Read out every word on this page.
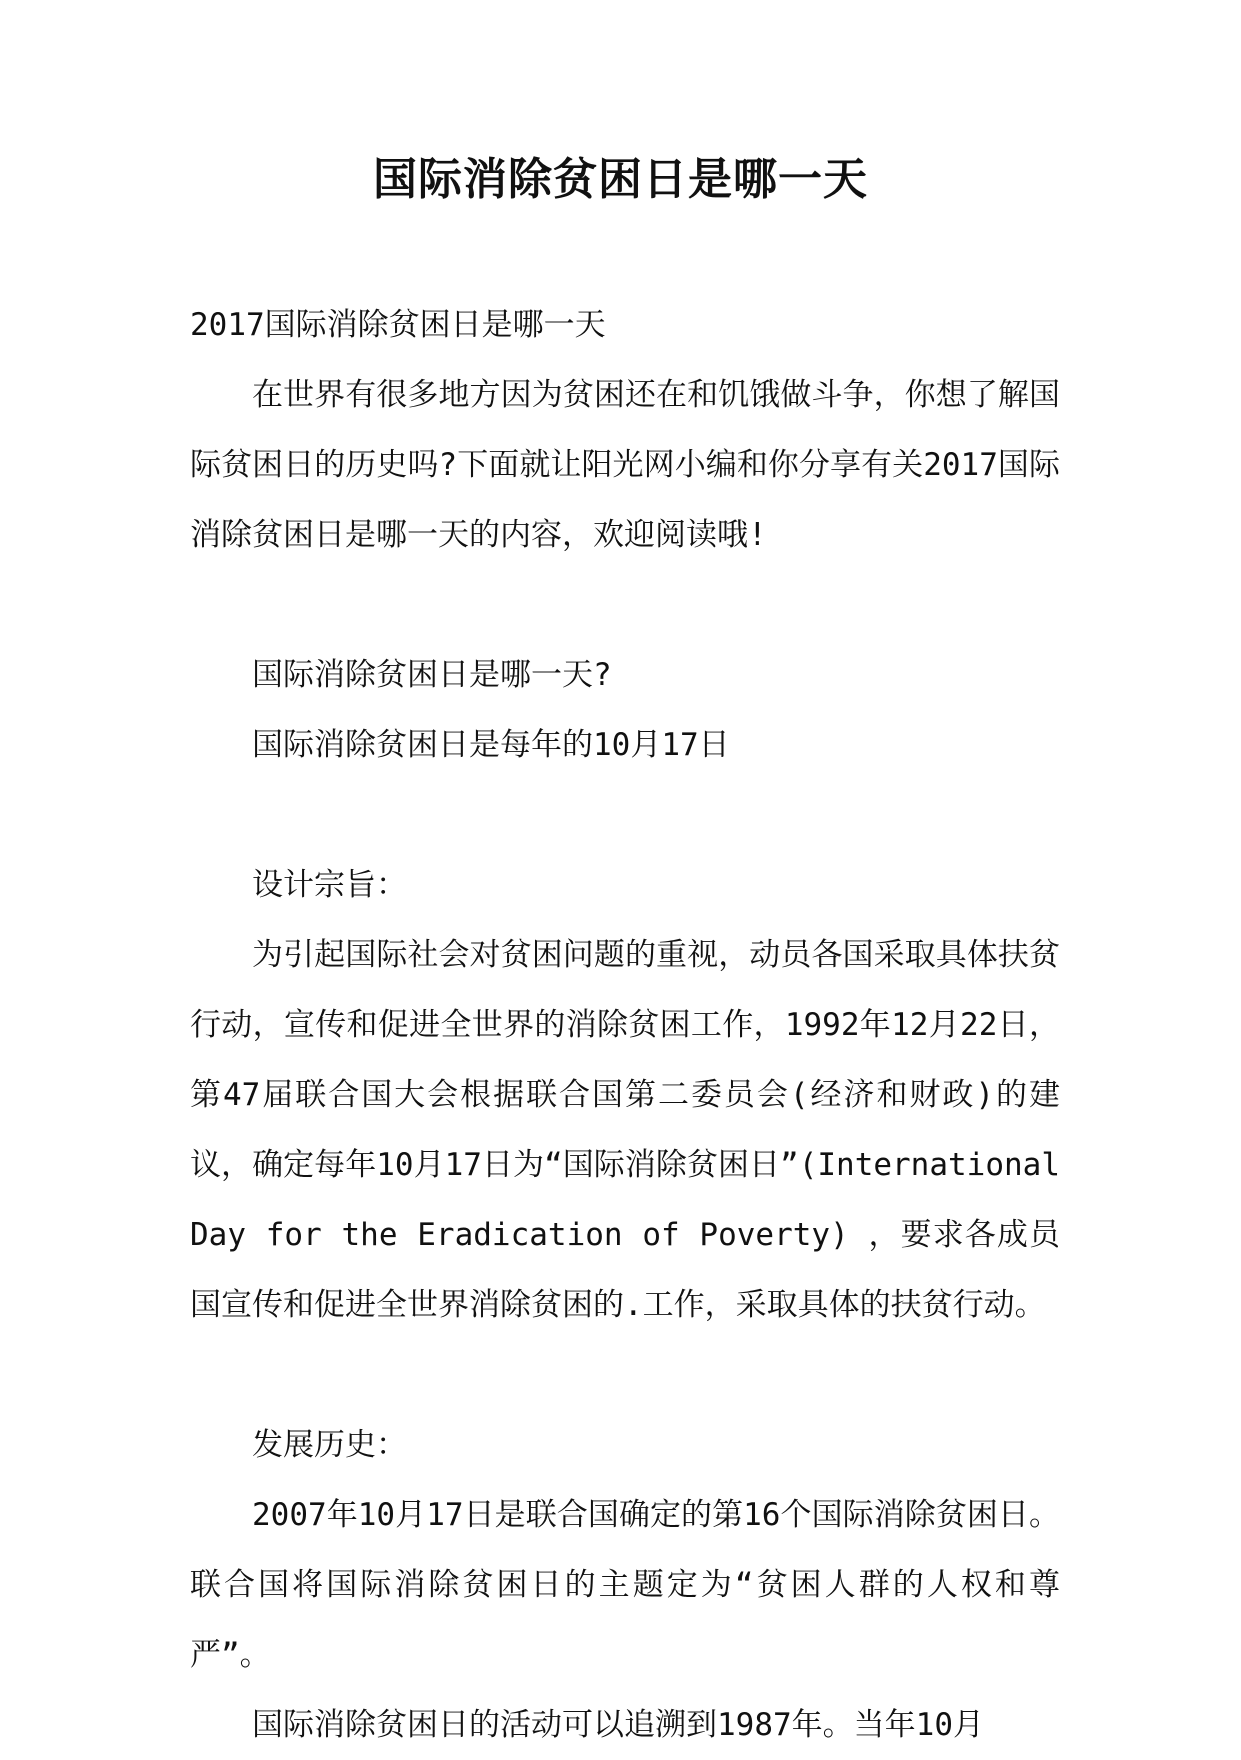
国际消除贫困日是哪一天

2017国际消除贫困日是哪一天

在世界有很多地方因为贫困还在和饥饿做斗争，你想了解国际贫困日的历史吗?下面就让阳光网小编和你分享有关2017国际消除贫困日是哪一天的内容，欢迎阅读哦!

国际消除贫困日是哪一天?

国际消除贫困日是每年的10月17日

设计宗旨：

为引起国际社会对贫困问题的重视，动员各国采取具体扶贫行动，宣传和促进全世界的消除贫困工作，1992年12月22日，第47届联合国大会根据联合国第二委员会(经济和财政)的建议，确定每年10月17日为“国际消除贫困日”(International Day for the Eradication of Poverty) ，要求各成员国宣传和促进全世界消除贫困的.工作，采取具体的扶贫行动。

发展历史：

2007年10月17日是联合国确定的第16个国际消除贫困日。联合国将国际消除贫困日的主题定为“贫困人群的人权和尊严”。

国际消除贫困日的活动可以追溯到1987年。当年10月
